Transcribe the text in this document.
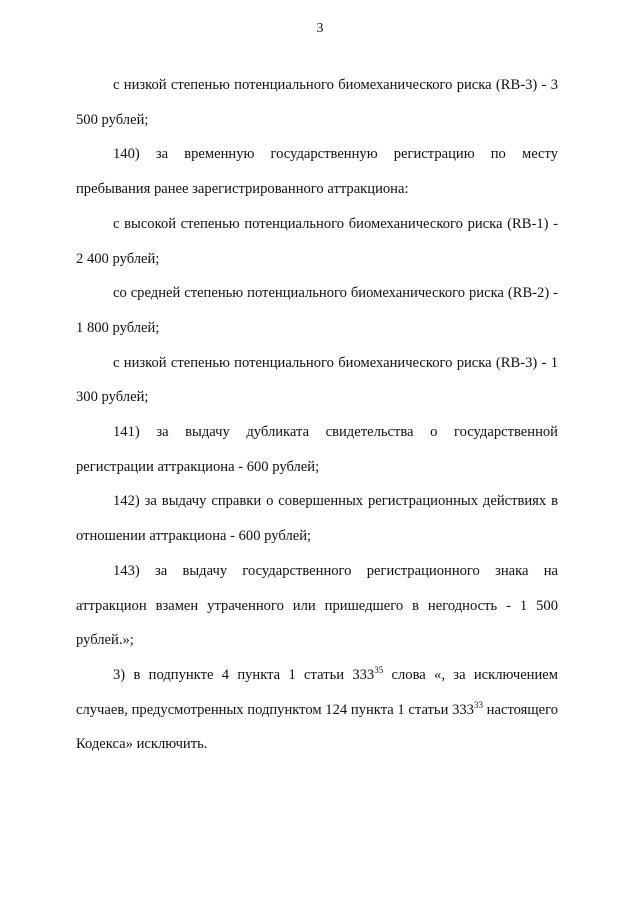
3

с низкой степенью потенциального биомеханического риска (RB-3) - 3 500 рублей;

140) за временную государственную регистрацию по месту пребывания ранее зарегистрированного аттракциона:

с высокой степенью потенциального биомеханического риска (RB-1) - 2 400 рублей;

со средней степенью потенциального биомеханического риска (RB-2) - 1 800 рублей;

с низкой степенью потенциального биомеханического риска (RB-3) - 1 300 рублей;

141) за выдачу дубликата свидетельства о государственной регистрации аттракциона - 600 рублей;

142) за выдачу справки о совершенных регистрационных действиях в отношении аттракциона - 600 рублей;

143) за выдачу государственного регистрационного знака на аттракцион взамен утраченного или пришедшего в негодность - 1 500 рублей.»;

3) в подпункте 4 пункта 1 статьи $333^{35}$ слова «, за исключением случаев, предусмотренных подпунктом 124 пункта 1 статьи $333^{33}$ настоящего Кодекса» исключить.
